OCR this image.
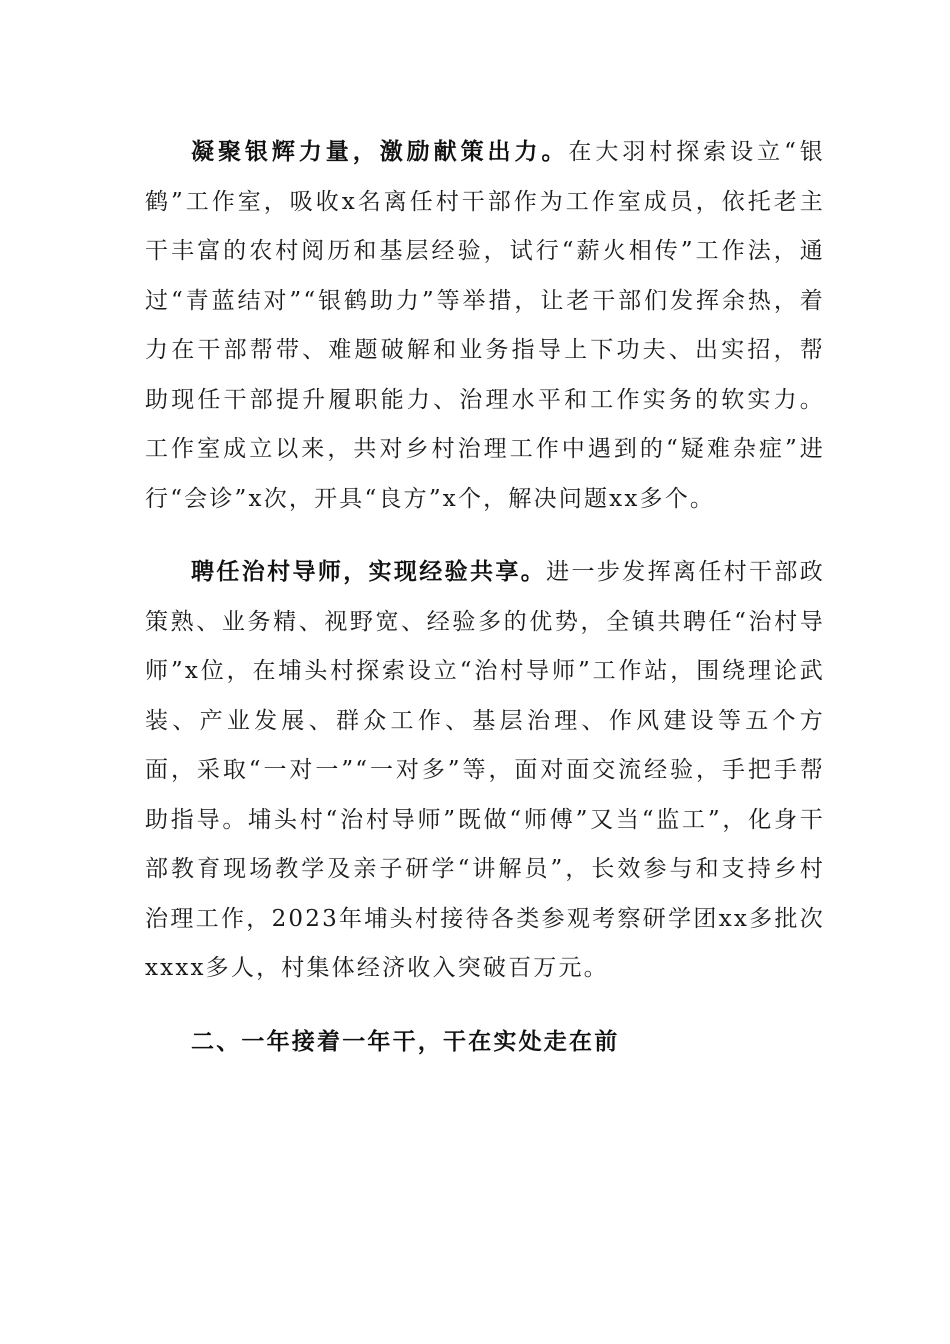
凝聚银辉力量，激励献策出力。在大羽村探索设立“银鹤”工作室，吸收x名离任村干部作为工作室成员，依托老主干丰富的农村阅历和基层经验，试行“薪火相传”工作法，通过“青蓝结对”“银鹤助力”等举措，让老干部们发挥余热，着力在干部帮带、难题破解和业务指导上下功夫、出实招，帮助现任干部提升履职能力、治理水平和工作实务的软实力。工作室成立以来，共对乡村治理工作中遇到的“疑难杂症”进行“会诊”x次，开具“良方”x个，解决问题xx多个。

聘任治村导师，实现经验共享。进一步发挥离任村干部政策熟、业务精、视野宽、经验多的优势，全镇共聘任“治村导师”x位，在埔头村探索设立“治村导师”工作站，围绕理论武装、产业发展、群众工作、基层治理、作风建设等五个方面，采取“一对一”“一对多”等，面对面交流经验，手把手帮助指导。埔头村“治村导师”既做“师傅”又当“监工”，化身干部教育现场教学及亲子研学“讲解员”，长效参与和支持乡村治理工作，2023年埔头村接待各类参观考察研学团xx多批次xxxx多人，村集体经济收入突破百万元。

二、一年接着一年干，干在实处走在前
